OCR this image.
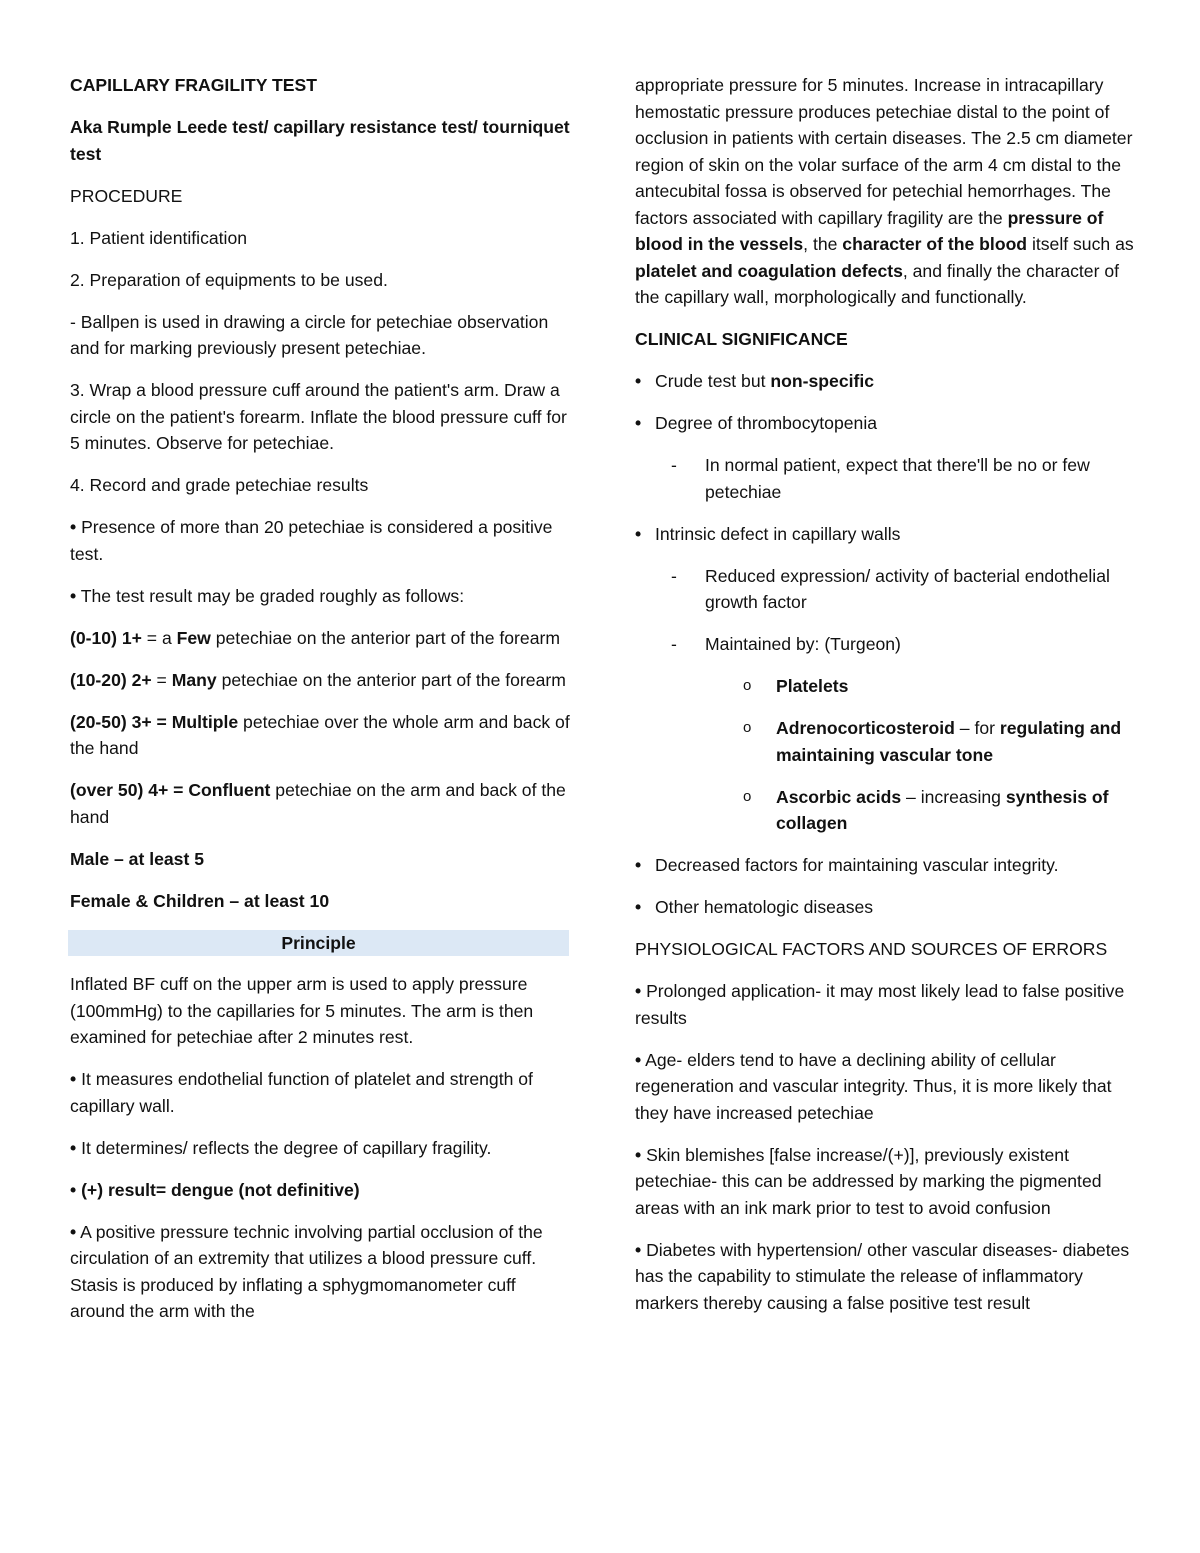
CAPILLARY FRAGILITY TEST

Aka Rumple Leede test/ capillary resistance test/ tourniquet test

PROCEDURE

1. Patient identification

2. Preparation of equipments to be used.

- Ballpen is used in drawing a circle for petechiae observation and for marking previously present petechiae.

3. Wrap a blood pressure cuff around the patient's arm. Draw a circle on the patient's forearm. Inflate the blood pressure cuff for 5 minutes. Observe for petechiae.

4. Record and grade petechiae results

• Presence of more than 20 petechiae is considered a positive test.

• The test result may be graded roughly as follows:

(0-10) 1+ = a Few petechiae on the anterior part of the forearm

(10-20) 2+ = Many petechiae on the anterior part of the forearm

(20-50) 3+ = Multiple petechiae over the whole arm and back of the hand

(over 50) 4+ = Confluent petechiae on the arm and back of the hand

Male – at least 5

Female & Children – at least 10

Principle

Inflated BF cuff on the upper arm is used to apply pressure (100mmHg) to the capillaries for 5 minutes. The arm is then examined for petechiae after 2 minutes rest.

• It measures endothelial function of platelet and strength of capillary wall.

• It determines/ reflects the degree of capillary fragility.

• (+) result= dengue (not definitive)

• A positive pressure technic involving partial occlusion of the circulation of an extremity that utilizes a blood pressure cuff. Stasis is produced by inflating a sphygmomanometer cuff around the arm with the

appropriate pressure for 5 minutes. Increase in intracapillary hemostatic pressure produces petechiae distal to the point of occlusion in patients with certain diseases. The 2.5 cm diameter region of skin on the volar surface of the arm 4 cm distal to the antecubital fossa is observed for petechial hemorrhages. The factors associated with capillary fragility are the pressure of blood in the vessels, the character of the blood itself such as platelet and coagulation defects, and finally the character of the capillary wall, morphologically and functionally.

CLINICAL SIGNIFICANCE

• Crude test but non-specific
• Degree of thrombocytopenia
- In normal patient, expect that there'll be no or few petechiae
• Intrinsic defect in capillary walls
- Reduced expression/ activity of bacterial endothelial growth factor
- Maintained by: (Turgeon)
o Platelets
o Adrenocorticosteroid – for regulating and maintaining vascular tone
o Ascorbic acids – increasing synthesis of collagen
• Decreased factors for maintaining vascular integrity.
• Other hematologic diseases

PHYSIOLOGICAL FACTORS AND SOURCES OF ERRORS

• Prolonged application- it may most likely lead to false positive results

• Age- elders tend to have a declining ability of cellular regeneration and vascular integrity. Thus, it is more likely that they have increased petechiae

• Skin blemishes [false increase/(+)], previously existent petechiae- this can be addressed by marking the pigmented areas with an ink mark prior to test to avoid confusion

• Diabetes with hypertension/ other vascular diseases- diabetes has the capability to stimulate the release of inflammatory markers thereby causing a false positive test result
